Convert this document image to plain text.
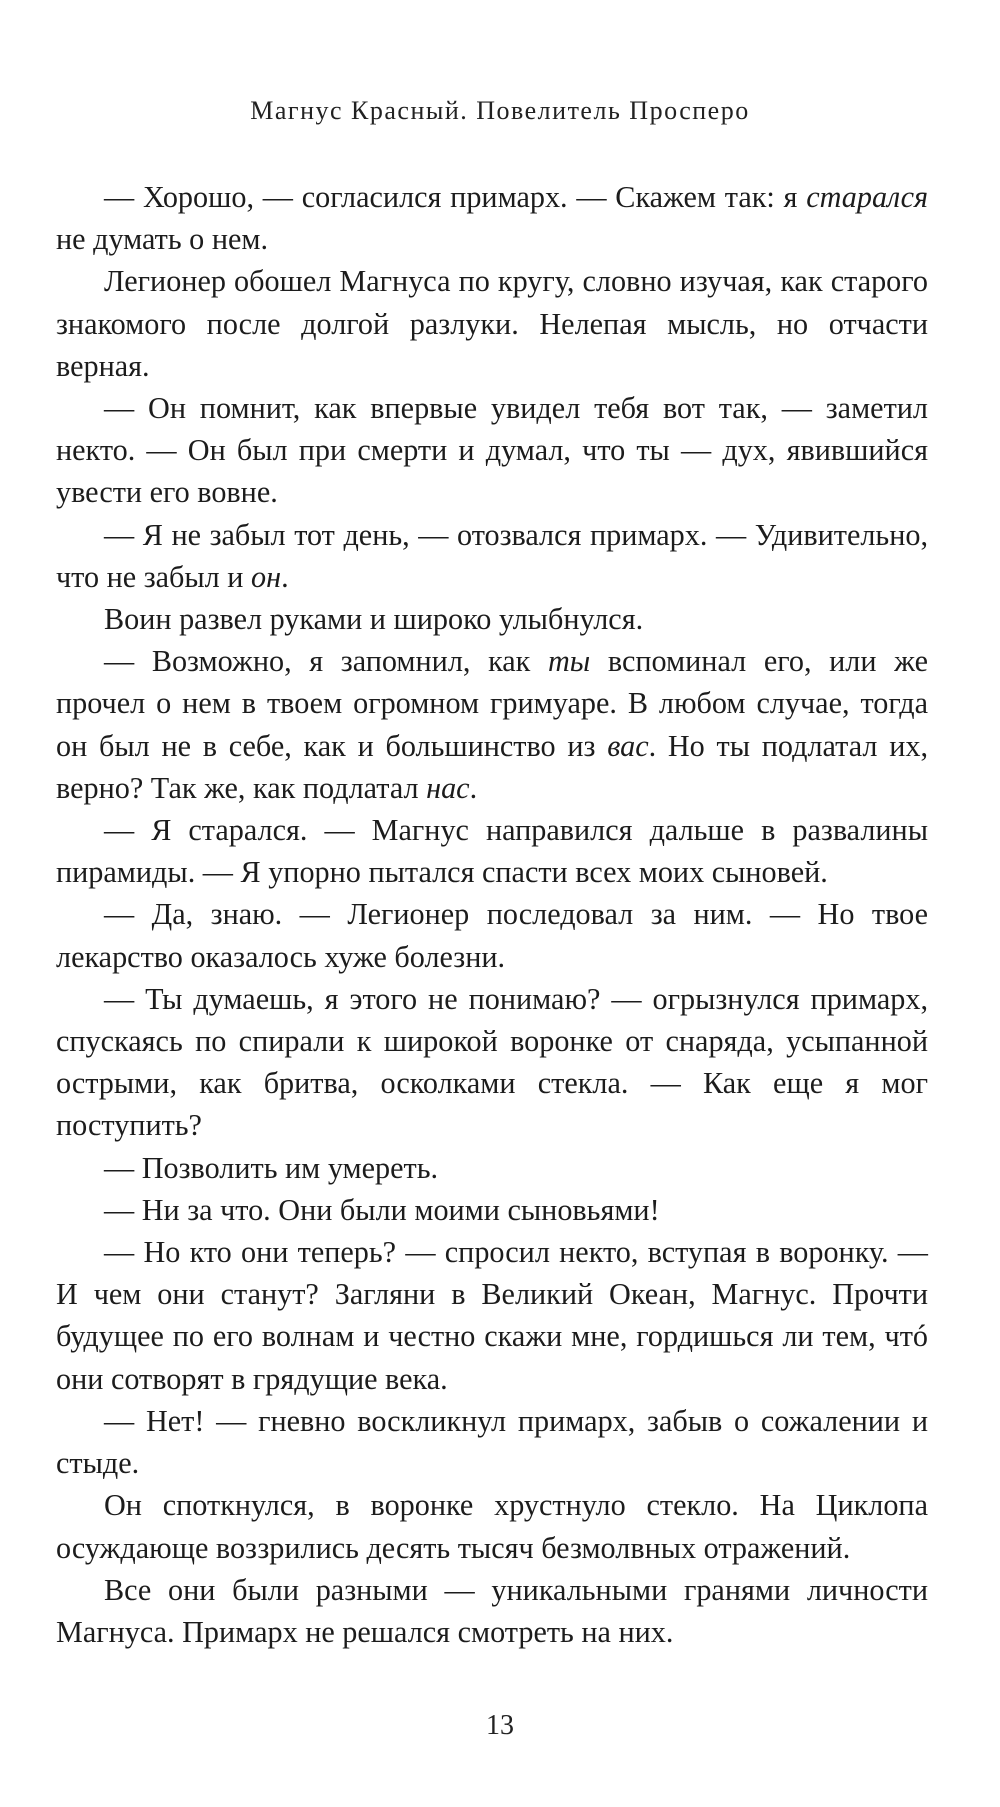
Магнус Красный. Повелитель Просперо

— Хорошо, — согласился примарх. — Скажем так: я старался не думать о нем.

Легионер обошел Магнуса по кругу, словно изучая, как старого знакомого после долгой разлуки. Нелепая мысль, но отчасти верная.

— Он помнит, как впервые увидел тебя вот так, — заметил некто. — Он был при смерти и думал, что ты — дух, явившийся увести его вовне.

— Я не забыл тот день, — отозвался примарх. — Удивительно, что не забыл и он.

Воин развел руками и широко улыбнулся.

— Возможно, я запомнил, как ты вспоминал его, или же прочел о нем в твоем огромном гримуаре. В любом случае, тогда он был не в себе, как и большинство из вас. Но ты подлатал их, верно? Так же, как подлатал нас.

— Я старался. — Магнус направился дальше в развалины пирамиды. — Я упорно пытался спасти всех моих сыновей.

— Да, знаю. — Легионер последовал за ним. — Но твое лекарство оказалось хуже болезни.

— Ты думаешь, я этого не понимаю? — огрызнулся примарх, спускаясь по спирали к широкой воронке от снаряда, усыпанной острыми, как бритва, осколками стекла. — Как еще я мог поступить?

— Позволить им умереть.

— Ни за что. Они были моими сыновьями!

— Но кто они теперь? — спросил некто, вступая в воронку. — И чем они станут? Загляни в Великий Океан, Магнус. Прочти будущее по его волнам и честно скажи мне, гордишься ли тем, чтó они сотворят в грядущие века.

— Нет! — гневно воскликнул примарх, забыв о сожалении и стыде.

Он споткнулся, в воронке хрустнуло стекло. На Циклопа осуждающе воззрились десять тысяч безмолвных отражений.

Все они были разными — уникальными гранями личности Магнуса. Примарх не решался смотреть на них.

13
